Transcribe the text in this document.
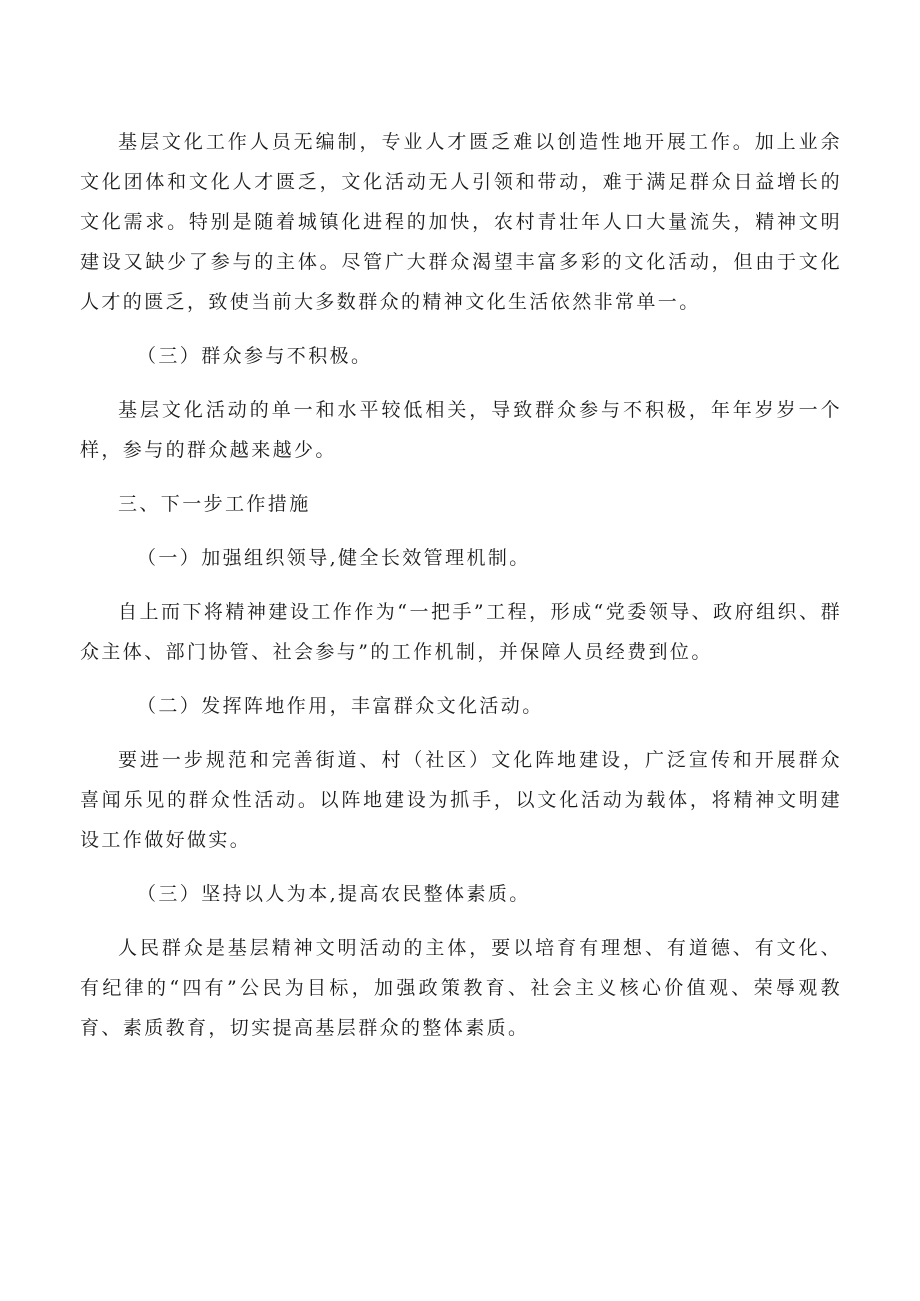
基层文化工作人员无编制，专业人才匮乏难以创造性地开展工作。加上业余文化团体和文化人才匮乏，文化活动无人引领和带动，难于满足群众日益增长的文化需求。特别是随着城镇化进程的加快，农村青壮年人口大量流失，精神文明建设又缺少了参与的主体。尽管广大群众渴望丰富多彩的文化活动，但由于文化人才的匮乏，致使当前大多数群众的精神文化生活依然非常单一。

（三）群众参与不积极。

基层文化活动的单一和水平较低相关，导致群众参与不积极，年年岁岁一个样，参与的群众越来越少。

三、下一步工作措施

（一）加强组织领导,健全长效管理机制。

自上而下将精神建设工作作为“一把手”工程，形成“党委领导、政府组织、群众主体、部门协管、社会参与”的工作机制，并保障人员经费到位。

（二）发挥阵地作用，丰富群众文化活动。

要进一步规范和完善街道、村（社区）文化阵地建设，广泛宣传和开展群众喜闻乐见的群众性活动。以阵地建设为抓手，以文化活动为载体，将精神文明建设工作做好做实。

（三）坚持以人为本,提高农民整体素质。

人民群众是基层精神文明活动的主体，要以培育有理想、有道德、有文化、有纪律的“四有”公民为目标，加强政策教育、社会主义核心价值观、荣辱观教育、素质教育，切实提高基层群众的整体素质。
